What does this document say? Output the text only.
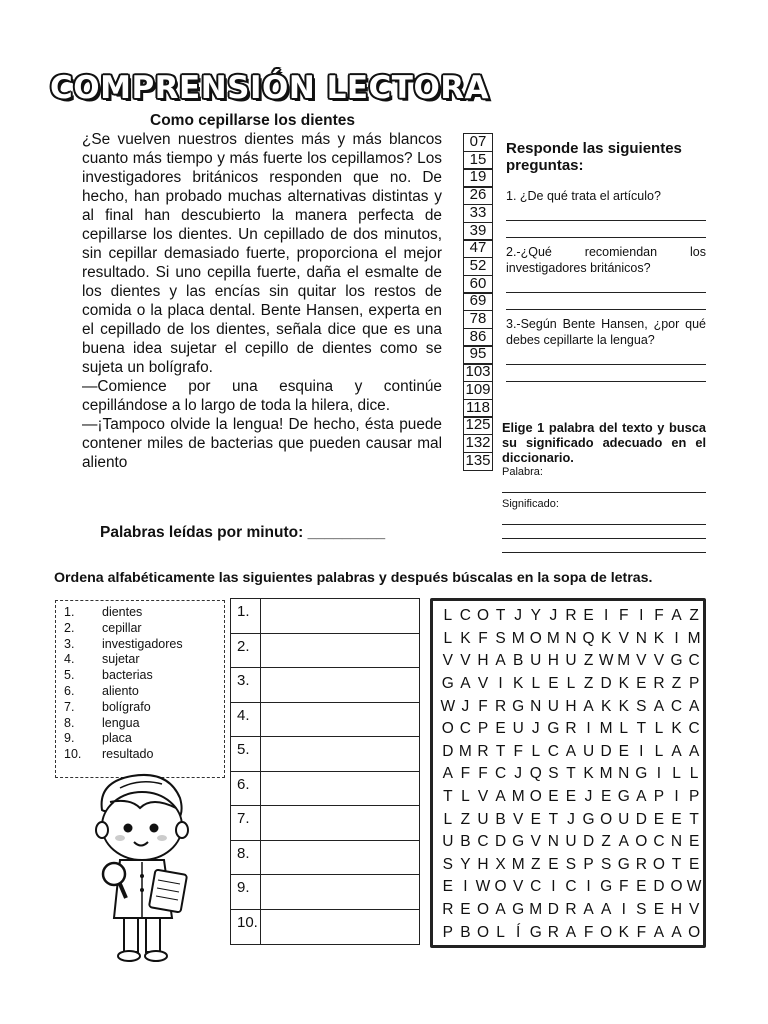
COMPRENSIÓN LECTORA
Como cepillarse los dientes

¿Se vuelven nuestros dientes más y más blancos cuanto más tiempo y más fuerte los cepillamos? Los investigadores británicos responden que no. De hecho, han probado muchas alternativas distintas y al final han descubierto la manera perfecta de cepillarse los dientes. Un cepillado de dos minutos, sin cepillar demasiado fuerte, proporciona el mejor resultado. Si uno cepilla fuerte, daña el esmalte de los dientes y las encías sin quitar los restos de comida o la placa dental. Bente Hansen, experta en el cepillado de los dientes, señala dice que es una buena idea sujetar el cepillo de dientes como se sujeta un bolígrafo.

—Comience por una esquina y continúe cepillándose a lo largo de toda la hilera, dice.

—¡Tampoco olvide la lengua! De hecho, ésta puede contener miles de bacterias que pueden causar mal aliento

07
15
19
26
33
39
47
52
60
69
78
86
95
103
109
118
125
132
135
Responde las siguientes preguntas:
1. ¿De qué trata el artículo?
2.-¿Qué recomiendan los investigadores británicos?
3.-Según Bente Hansen, ¿por qué debes cepillarte la lengua?
Elige 1 palabra del texto y busca su significado adecuado en el diccionario.
Palabra:
Significado:
Palabras leídas por minuto: _________
Ordena alfabéticamente las siguientes palabras y después búscalas en la sopa de letras.
1.	dientes
2.	cepillar
3.	investigadores
4.	sujetar
5.	bacterias
6.	aliento
7.	bolígrafo
8.	lengua
9.	placa
10.	resultado
1.
2.
3.
4.
5.
6.
7.
8.
9.
10.
L C O T J Y J R E I F I F A Z
L K F S M O M N Q K V N K I M
V V H A B U H U Z W M V V G C
G A V I K L E L Z D K E R Z P
W J F R G N U H A K K S A C A
O C P E U J G R I M L T L K C
D M R T F L C A U D E I L A A
A F F C J Q S T K M N G I L L
T L V A M O E E J E G A P I P
L Z U B V E T J G O U D E E T
U B C D G V N U D Z A O C N E
S Y H X M Z E S P S G R O T E
E I W O V C I C I G F E D O W
R E O A G M D R A A I S E H V
P B O L Í G R A F O K F A A O
